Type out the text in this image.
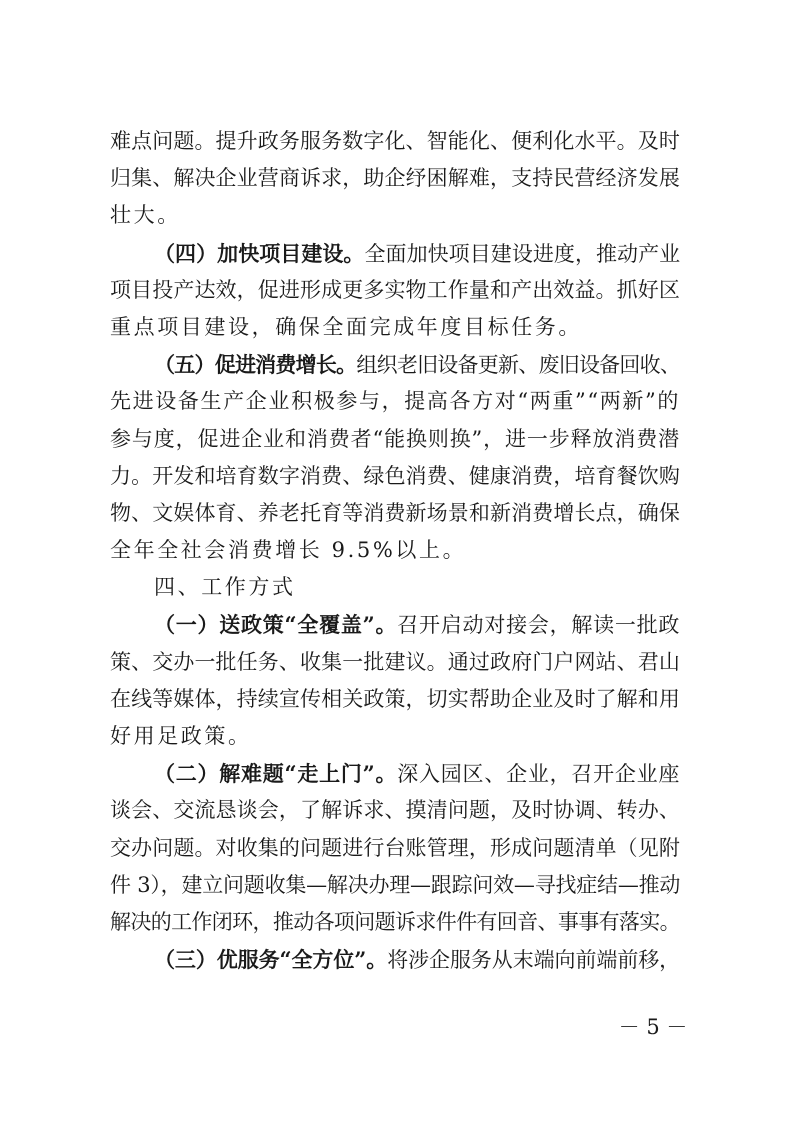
难点问题。提升政务服务数字化、智能化、便利化水平。及时
归集、解决企业营商诉求，助企纾困解难，支持民营经济发展
壮大。
（四）加快项目建设。全面加快项目建设进度，推动产业
项目投产达效，促进形成更多实物工作量和产出效益。抓好区
重点项目建设，确保全面完成年度目标任务。
（五）促进消费增长。组织老旧设备更新、废旧设备回收、
先进设备生产企业积极参与，提高各方对“两重”“两新”的
参与度，促进企业和消费者“能换则换”，进一步释放消费潜
力。开发和培育数字消费、绿色消费、健康消费，培育餐饮购
物、文娱体育、养老托育等消费新场景和新消费增长点，确保
全年全社会消费增长 9.5%以上。
四、工作方式
（一）送政策“全覆盖”。召开启动对接会，解读一批政
策、交办一批任务、收集一批建议。通过政府门户网站、君山
在线等媒体，持续宣传相关政策，切实帮助企业及时了解和用
好用足政策。
（二）解难题“走上门”。深入园区、企业，召开企业座
谈会、交流恳谈会，了解诉求、摸清问题，及时协调、转办、
交办问题。对收集的问题进行台账管理，形成问题清单（见附
件 3），建立问题收集—解决办理—跟踪问效—寻找症结—推动
解决的工作闭环，推动各项问题诉求件件有回音、事事有落实。
（三）优服务“全方位”。将涉企服务从末端向前端前移，
－ 5 －
